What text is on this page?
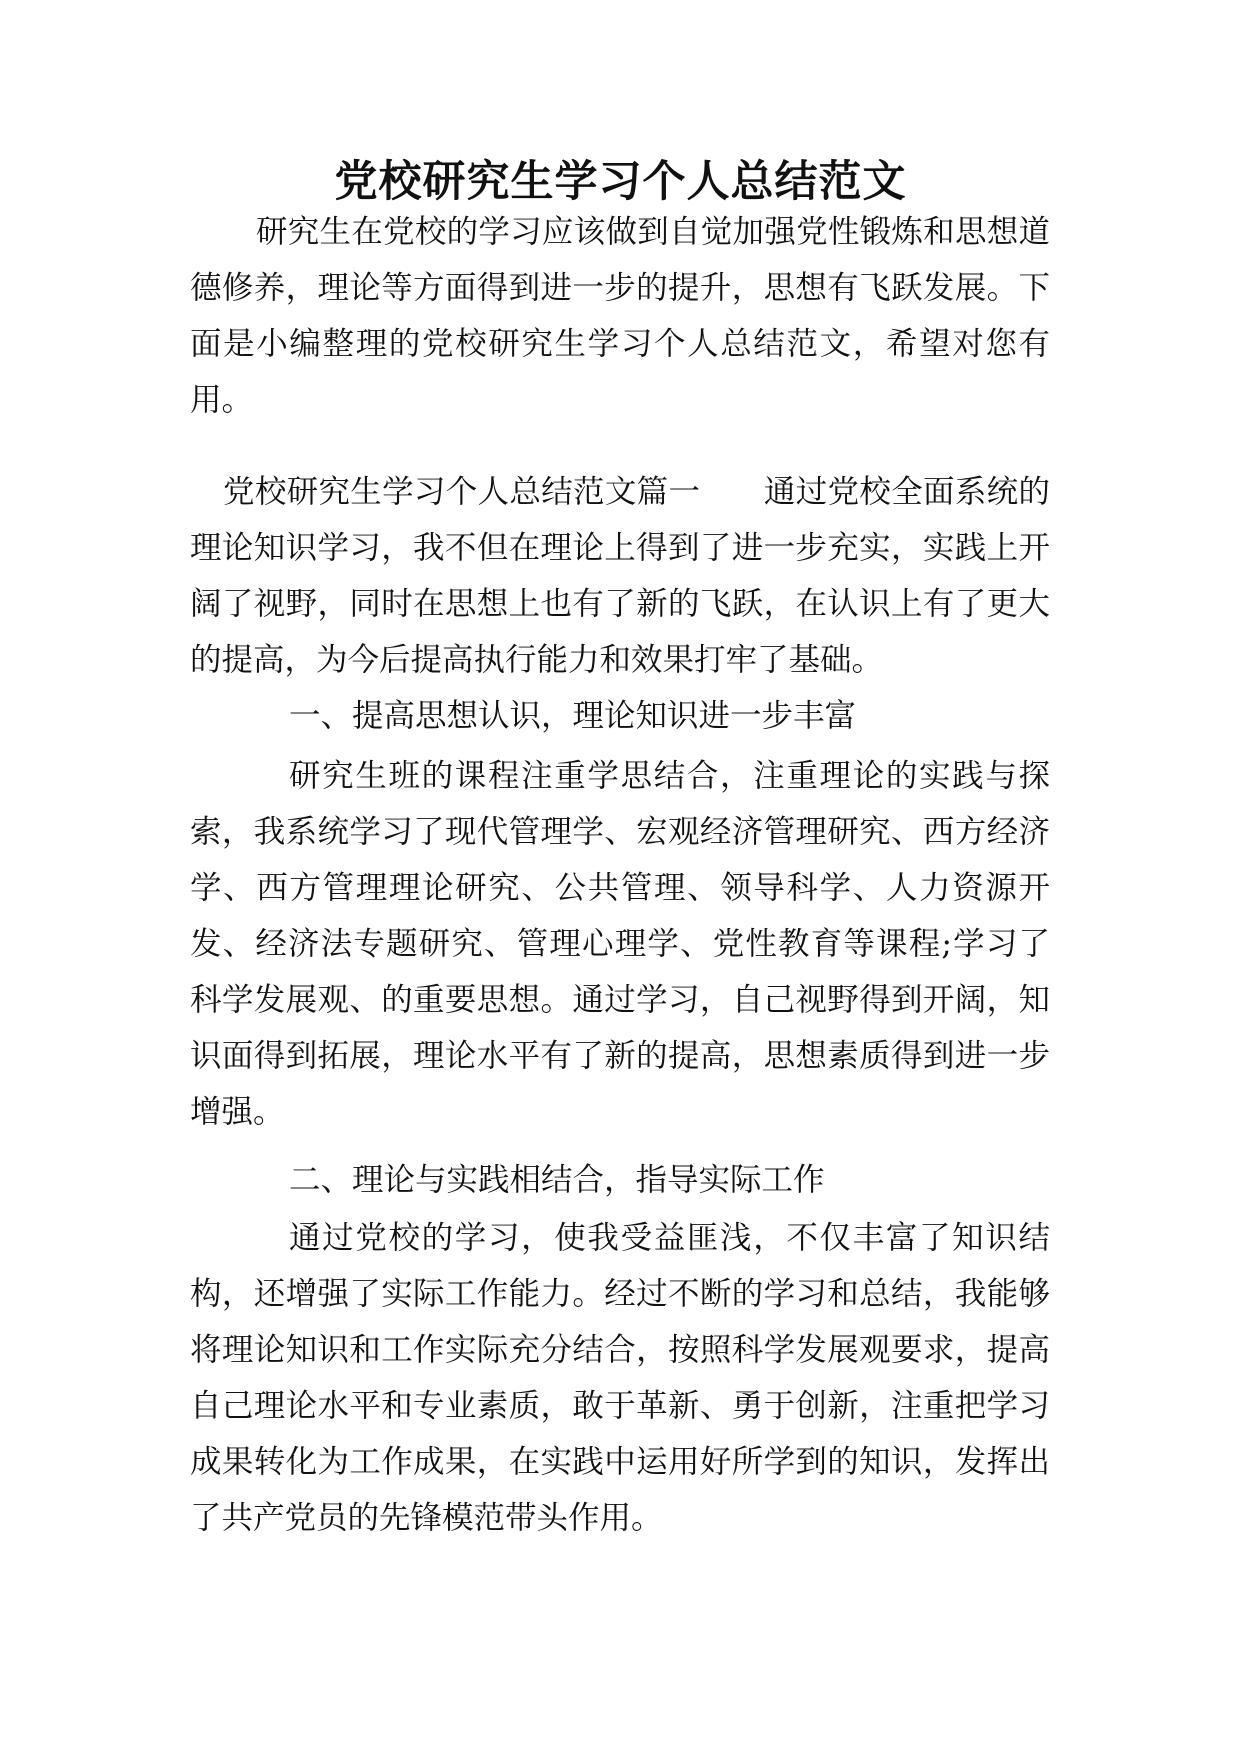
党校研究生学习个人总结范文

研究生在党校的学习应该做到自觉加强党性锻炼和思想道德修养，理论等方面得到进一步的提升，思想有飞跃发展。下面是小编整理的党校研究生学习个人总结范文，希望对您有用。

党校研究生学习个人总结范文篇一　　通过党校全面系统的理论知识学习，我不但在理论上得到了进一步充实，实践上开阔了视野，同时在思想上也有了新的飞跃，在认识上有了更大的提高，为今后提高执行能力和效果打牢了基础。

一、提高思想认识，理论知识进一步丰富

研究生班的课程注重学思结合，注重理论的实践与探索，我系统学习了现代管理学、宏观经济管理研究、西方经济学、西方管理理论研究、公共管理、领导科学、人力资源开发、经济法专题研究、管理心理学、党性教育等课程;学习了科学发展观、的重要思想。通过学习，自己视野得到开阔，知识面得到拓展，理论水平有了新的提高，思想素质得到进一步增强。

二、理论与实践相结合，指导实际工作

通过党校的学习，使我受益匪浅，不仅丰富了知识结构，还增强了实际工作能力。经过不断的学习和总结，我能够将理论知识和工作实际充分结合，按照科学发展观要求，提高自己理论水平和专业素质，敢于革新、勇于创新，注重把学习成果转化为工作成果，在实践中运用好所学到的知识，发挥出了共产党员的先锋模范带头作用。
